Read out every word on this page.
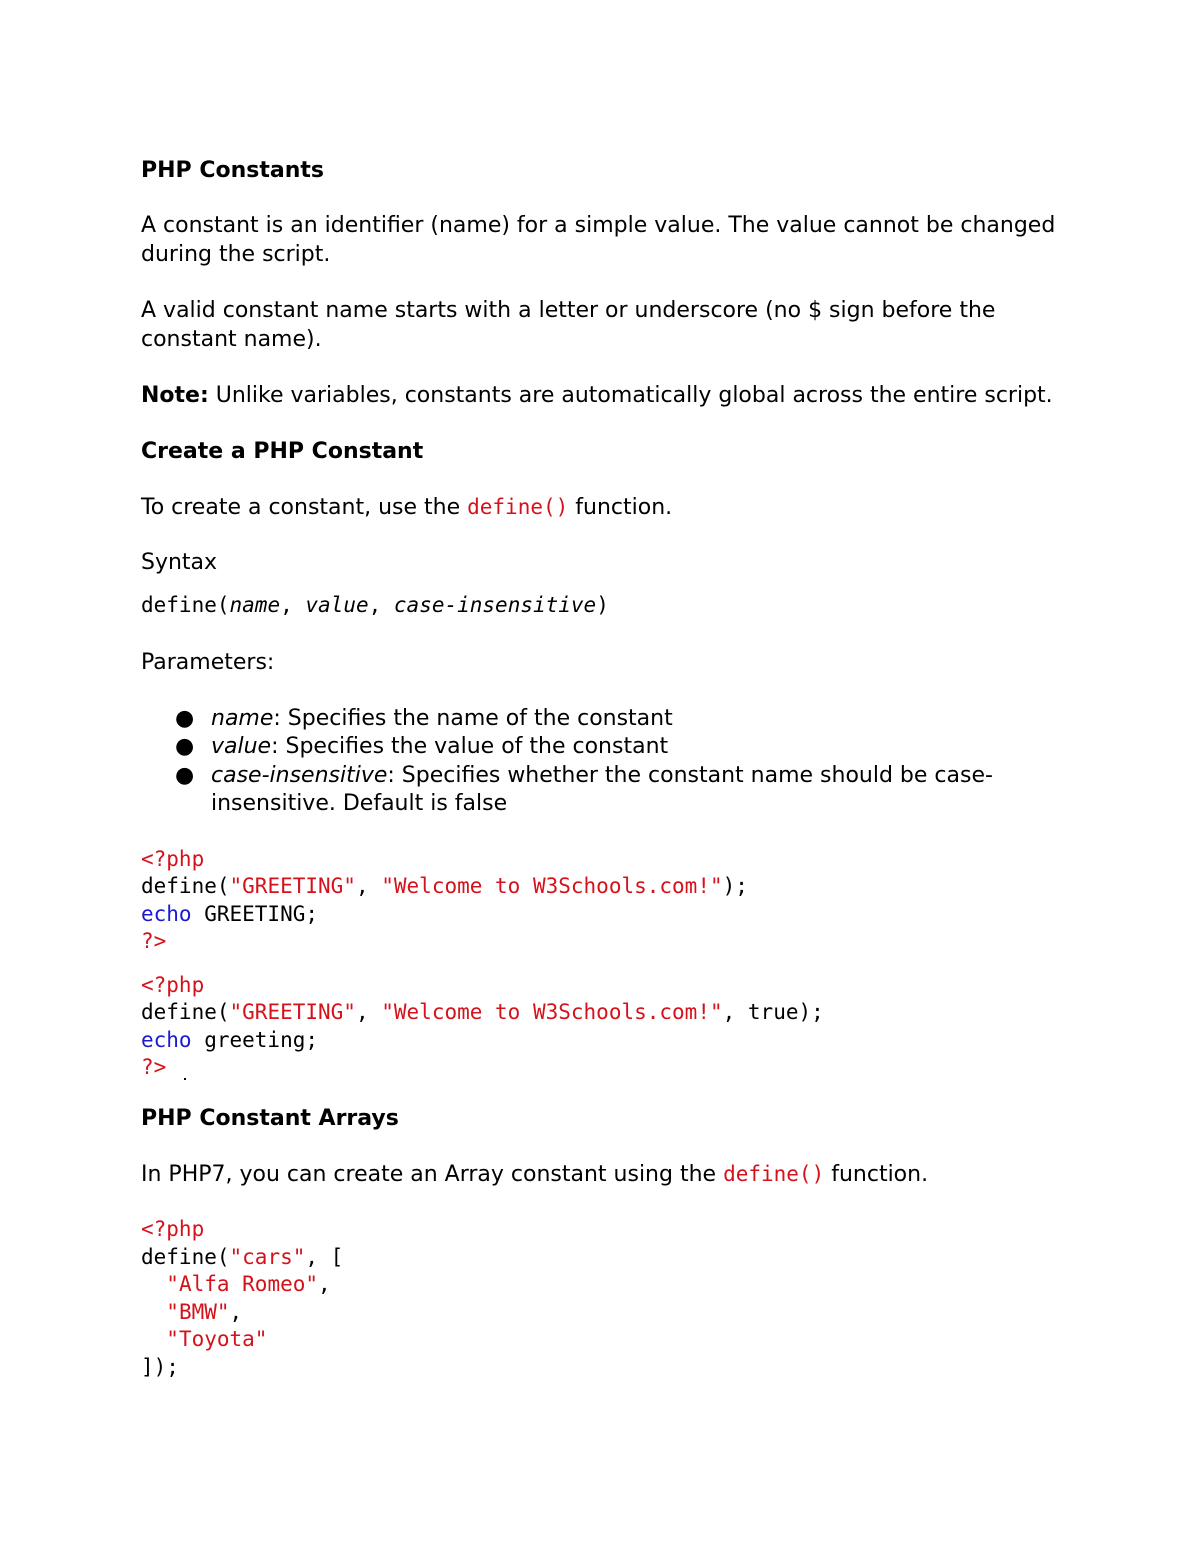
PHP Constants

A constant is an identifier (name) for a simple value. The value cannot be changed during the script.

A valid constant name starts with a letter or underscore (no $ sign before the constant name).

Note: Unlike variables, constants are automatically global across the entire script.

Create a PHP Constant

To create a constant, use the define() function.

Syntax

define(name, value, case-insensitive)

Parameters:

● name: Specifies the name of the constant
● value: Specifies the value of the constant
● case-insensitive: Specifies whether the constant name should be case-insensitive. Default is false
<?php
define("GREETING", "Welcome to W3Schools.com!");
echo GREETING;
?>
<?php
define("GREETING", "Welcome to W3Schools.com!", true);
echo greeting;
?>

PHP Constant Arrays

In PHP7, you can create an Array constant using the define() function.

<?php
define("cars", [
"Alfa Romeo",
"BMW",
"Toyota"
]);
